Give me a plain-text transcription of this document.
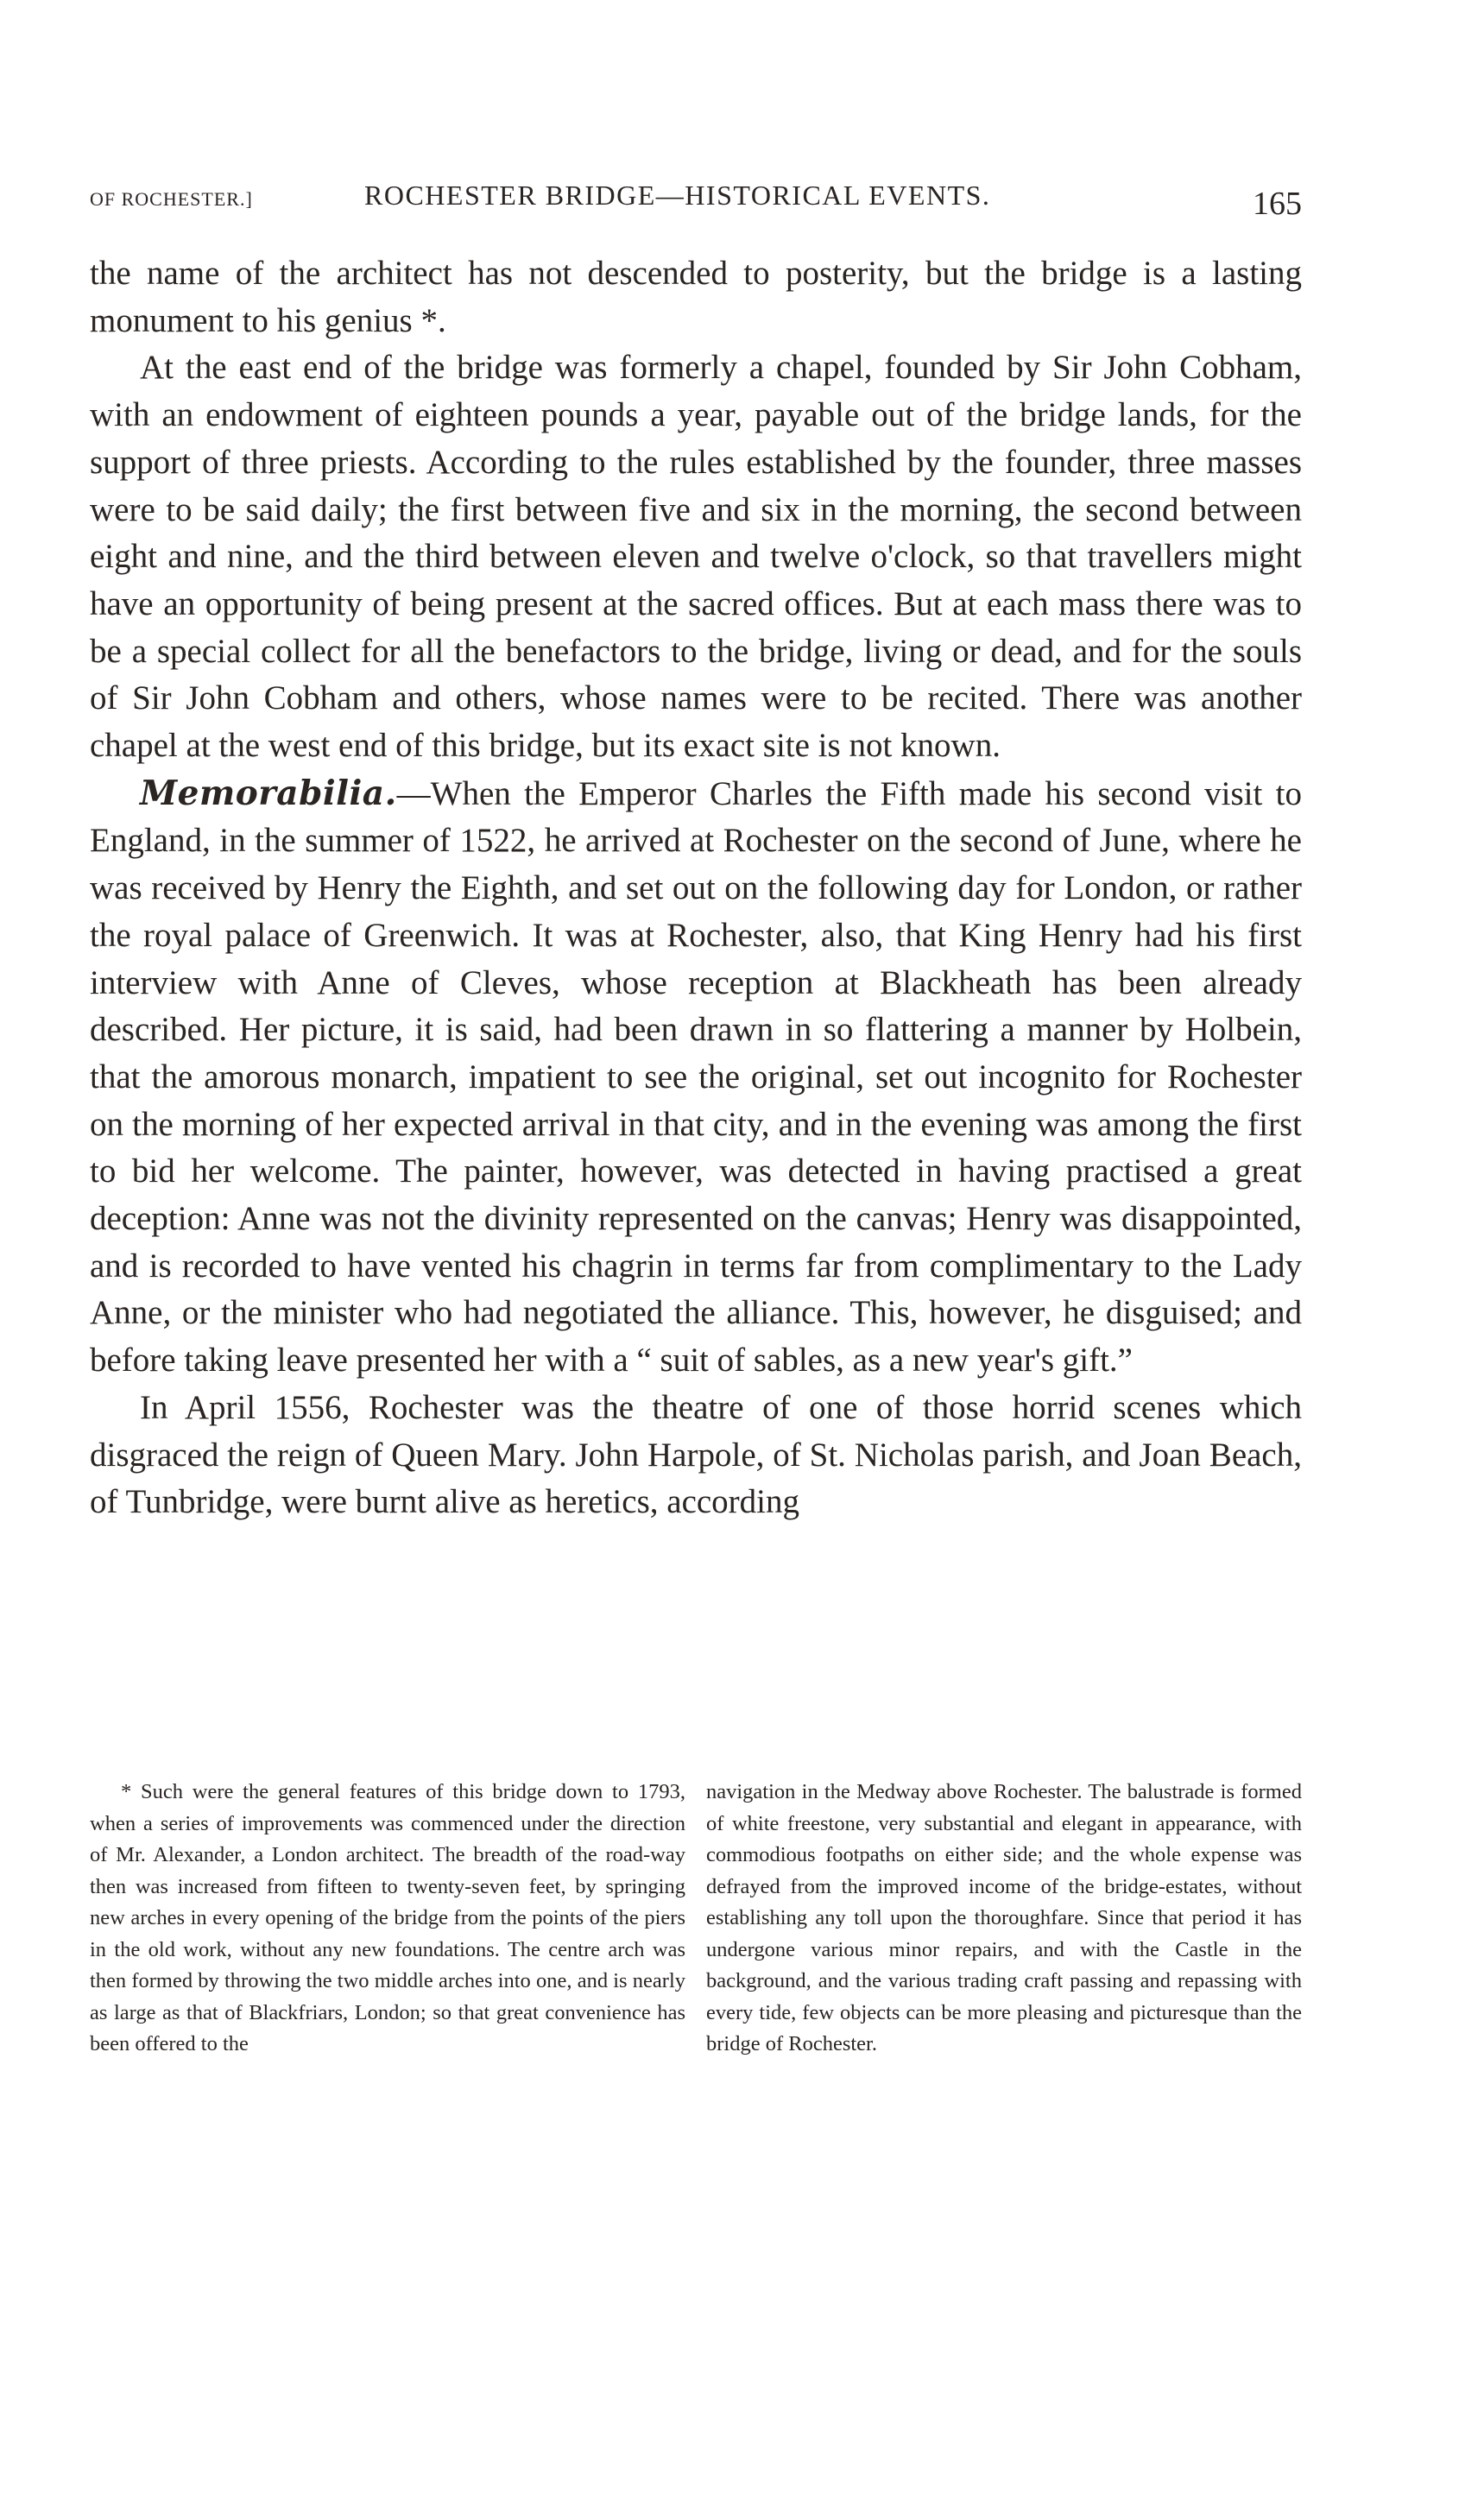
OF ROCHESTER.]	ROCHESTER BRIDGE—HISTORICAL EVENTS.	165

the name of the architect has not descended to posterity, but the bridge is a lasting monument to his genius *.

At the east end of the bridge was formerly a chapel, founded by Sir John Cobham, with an endowment of eighteen pounds a year, payable out of the bridge lands, for the support of three priests. According to the rules established by the founder, three masses were to be said daily; the first between five and six in the morning, the second between eight and nine, and the third between eleven and twelve o'clock, so that travellers might have an opportunity of being present at the sacred offices. But at each mass there was to be a special collect for all the benefactors to the bridge, living or dead, and for the souls of Sir John Cobham and others, whose names were to be recited. There was another chapel at the west end of this bridge, but its exact site is not known.

Memorabilia.—When the Emperor Charles the Fifth made his second visit to England, in the summer of 1522, he arrived at Rochester on the second of June, where he was received by Henry the Eighth, and set out on the following day for London, or rather the royal palace of Greenwich. It was at Rochester, also, that King Henry had his first interview with Anne of Cleves, whose reception at Blackheath has been already described. Her picture, it is said, had been drawn in so flattering a manner by Holbein, that the amorous monarch, impatient to see the original, set out incognito for Rochester on the morning of her expected arrival in that city, and in the evening was among the first to bid her welcome. The painter, however, was detected in having practised a great deception: Anne was not the divinity represented on the canvas; Henry was disappointed, and is recorded to have vented his chagrin in terms far from complimentary to the Lady Anne, or the minister who had negotiated the alliance. This, however, he disguised; and before taking leave presented her with a “ suit of sables, as a new year's gift.”

In April 1556, Rochester was the theatre of one of those horrid scenes which disgraced the reign of Queen Mary. John Harpole, of St. Nicholas parish, and Joan Beach, of Tunbridge, were burnt alive as heretics, according

* Such were the general features of this bridge down to 1793, when a series of improvements was commenced under the direction of Mr. Alexander, a London architect. The breadth of the road-way then was increased from fifteen to twenty-seven feet, by springing new arches in every opening of the bridge from the points of the piers in the old work, without any new foundations. The centre arch was then formed by throwing the two middle arches into one, and is nearly as large as that of Blackfriars, London; so that great convenience has been offered to the

navigation in the Medway above Rochester. The balustrade is formed of white freestone, very substantial and elegant in appearance, with commodious footpaths on either side; and the whole expense was defrayed from the improved income of the bridge-estates, without establishing any toll upon the thoroughfare. Since that period it has undergone various minor repairs, and with the Castle in the background, and the various trading craft passing and repassing with every tide, few objects can be more pleasing and picturesque than the bridge of Rochester.
